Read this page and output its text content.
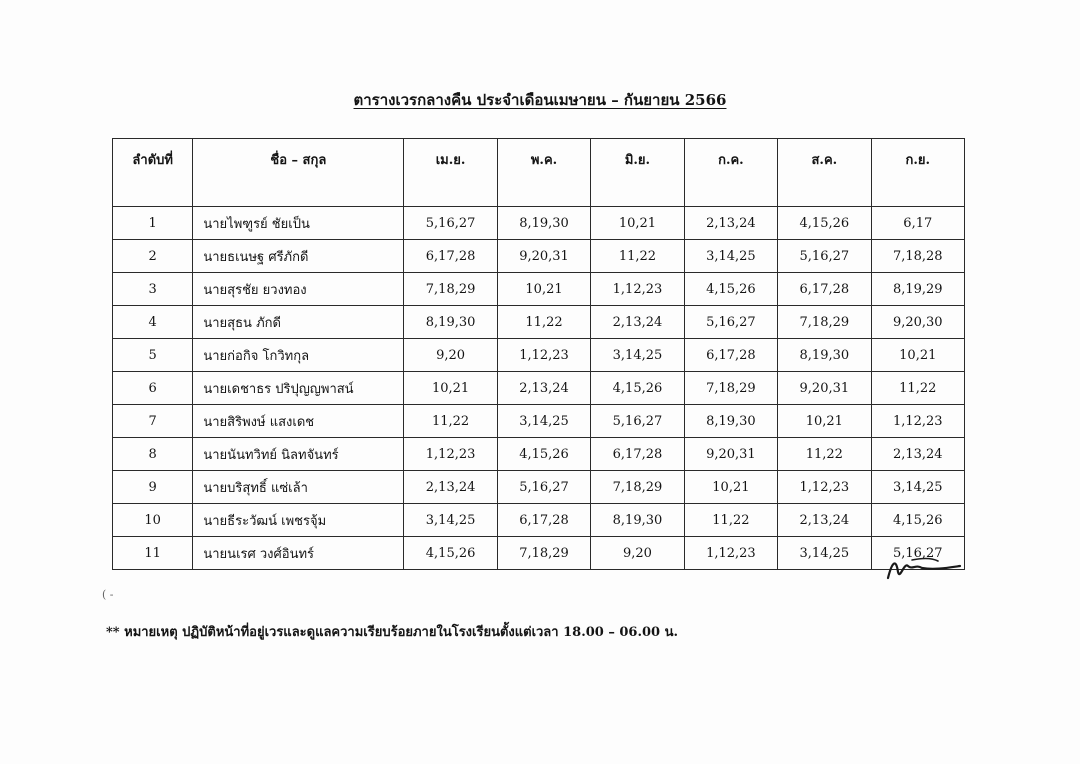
ตารางเวรกลางคืน ประจำเดือนเมษายน – กันยายน 2566
ลำดับที่	ชื่อ – สกุล	เม.ย.	พ.ค.	มิ.ย.	ก.ค.	ส.ค.	ก.ย.
1	นายไพฑูรย์ ชัยเป็น	5,16,27	8,19,30	10,21	2,13,24	4,15,26	6,17
2	นายธเนษฐ ศรีภักดี	6,17,28	9,20,31	11,22	3,14,25	5,16,27	7,18,28
3	นายสุรชัย ยวงทอง	7,18,29	10,21	1,12,23	4,15,26	6,17,28	8,19,29
4	นายสุธน ภักดี	8,19,30	11,22	2,13,24	5,16,27	7,18,29	9,20,30
5	นายก่อกิจ โกวิทกุล	9,20	1,12,23	3,14,25	6,17,28	8,19,30	10,21
6	นายเดชาธร ปริปุญญพาสน์	10,21	2,13,24	4,15,26	7,18,29	9,20,31	11,22
7	นายสิริพงษ์ แสงเดช	11,22	3,14,25	5,16,27	8,19,30	10,21	1,12,23
8	นายนันทวิทย์ นิลทจันทร์	1,12,23	4,15,26	6,17,28	9,20,31	11,22	2,13,24
9	นายบริสุทธิ์ แซ่เล้า	2,13,24	5,16,27	7,18,29	10,21	1,12,23	3,14,25
10	นายธีระวัฒน์ เพชรจุ้ม	3,14,25	6,17,28	8,19,30	11,22	2,13,24	4,15,26
11	นายนเรศ วงศ์อินทร์	4,15,26	7,18,29	9,20	1,12,23	3,14,25	5,16,27
( -
** หมายเหตุ ปฏิบัติหน้าที่อยู่เวรและดูแลความเรียบร้อยภายในโรงเรียนตั้งแต่เวลา 18.00 – 06.00 น.
